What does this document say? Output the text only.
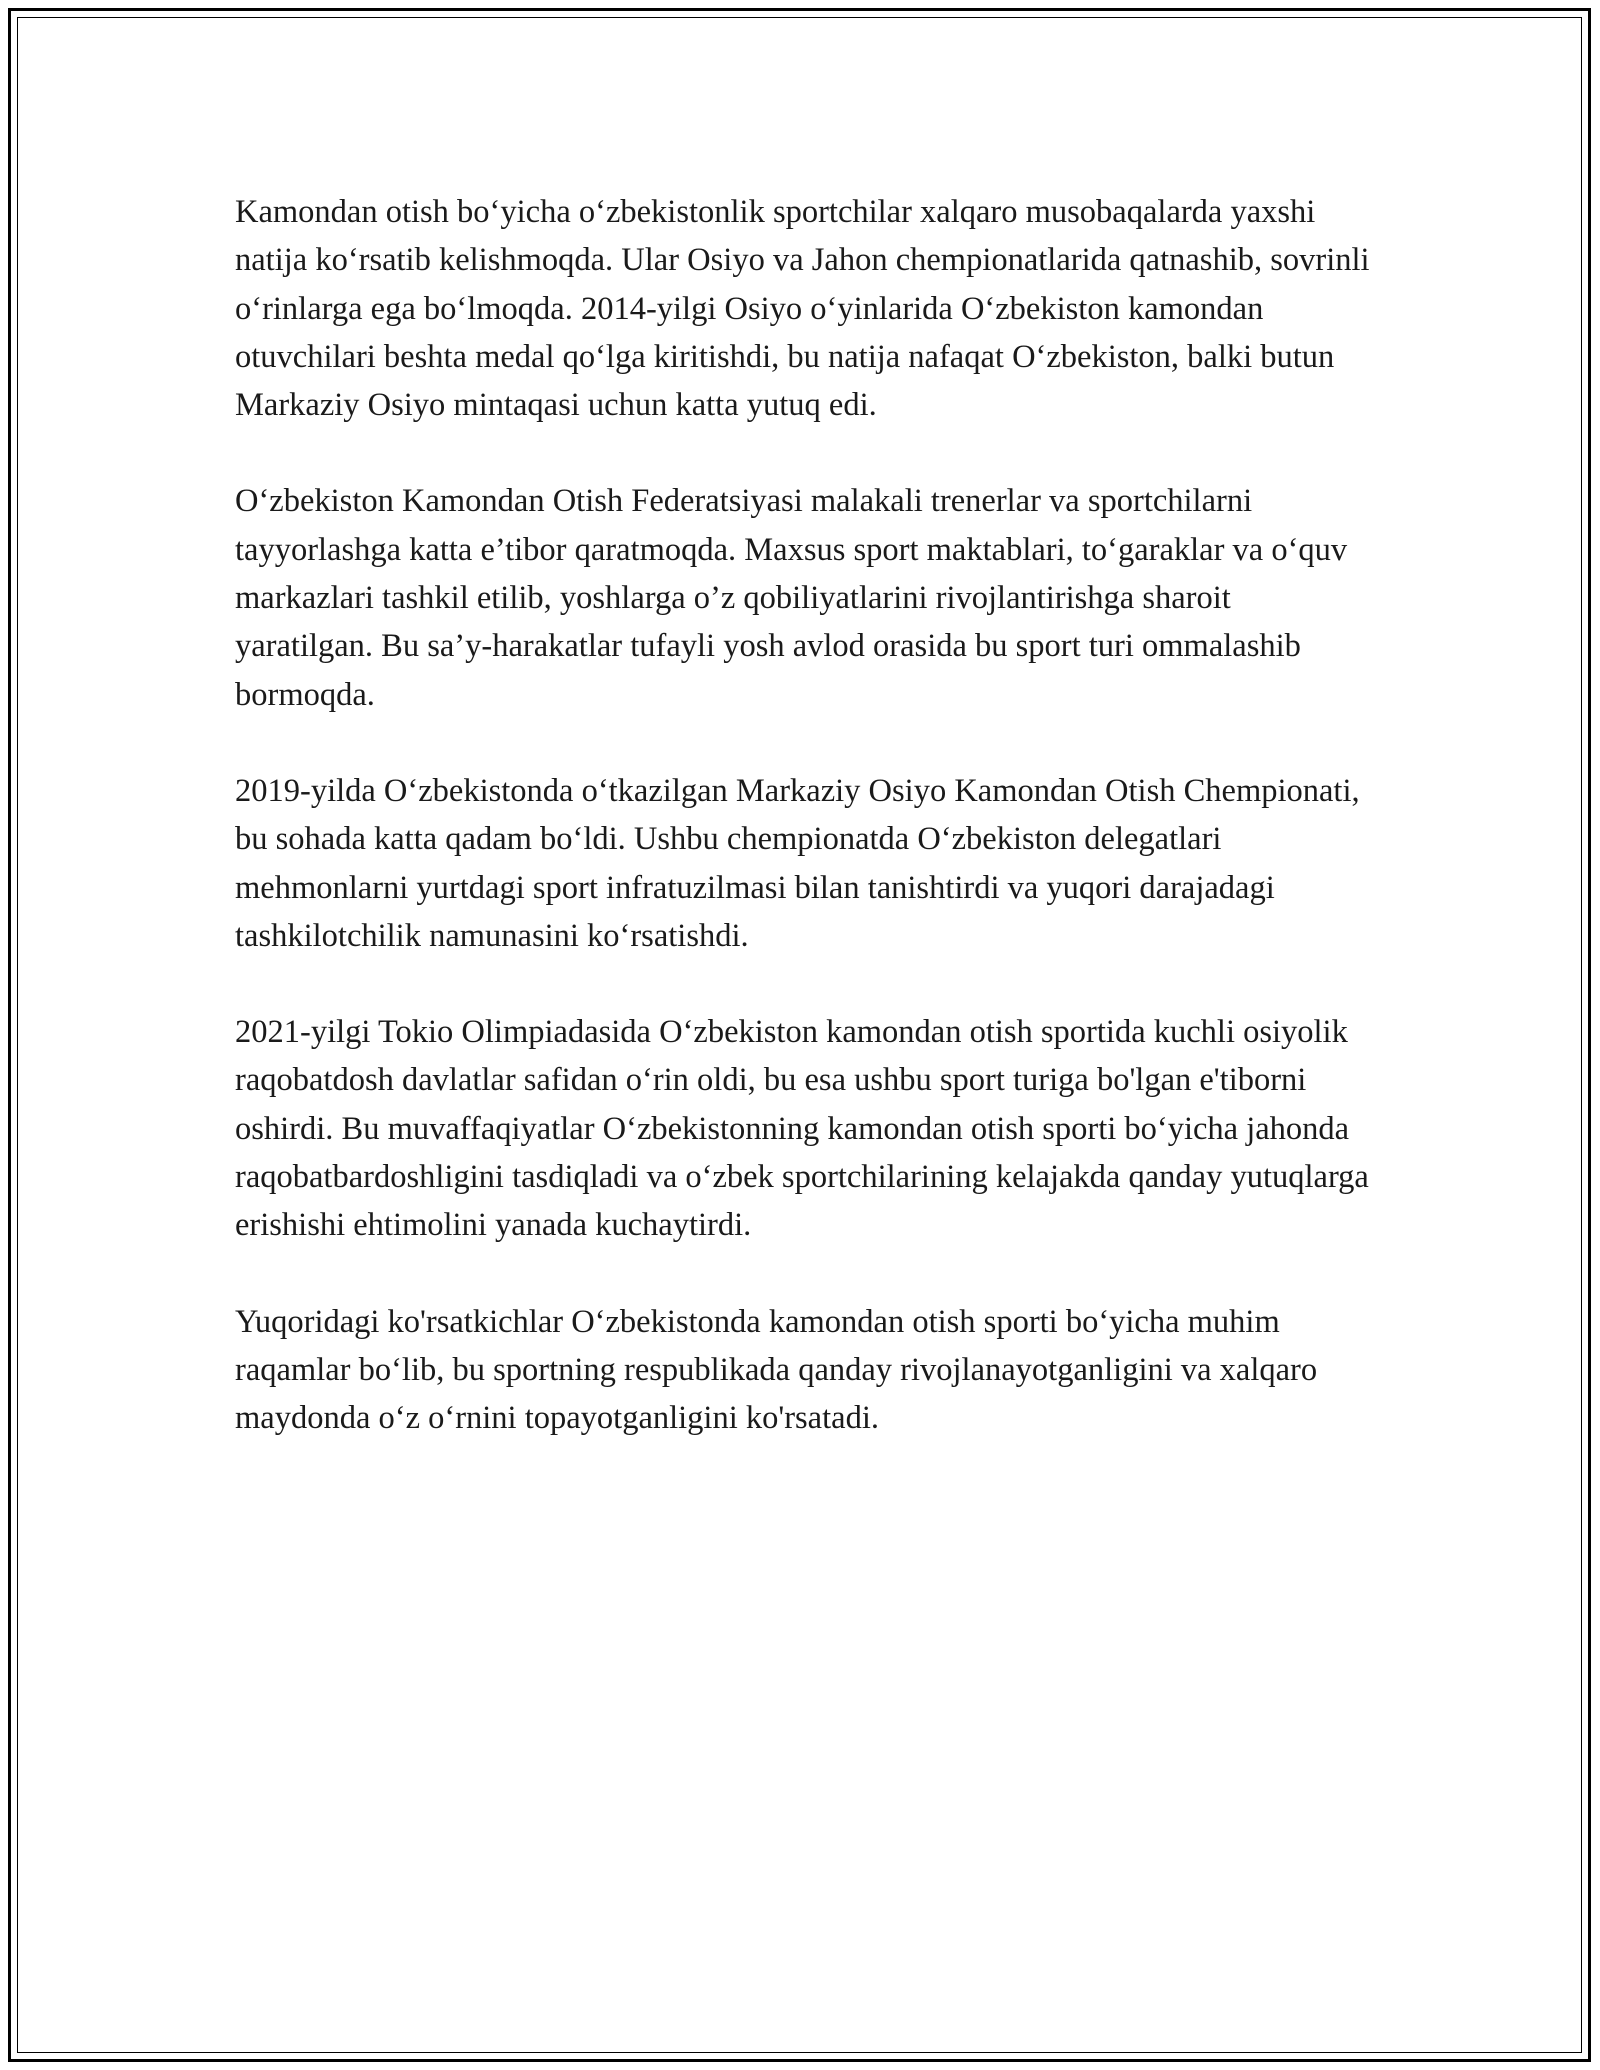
Kamondan otish bo‘yicha o‘zbekistonlik sportchilar xalqaro musobaqalarda yaxshi natija ko‘rsatib kelishmoqda. Ular Osiyo va Jahon chempionatlarida qatnashib, sovrinli o‘rinlarga ega bo‘lmoqda. 2014-yilgi Osiyo o‘yinlarida O‘zbekiston kamondan otuvchilari beshta medal qo‘lga kiritishdi, bu natija nafaqat O‘zbekiston, balki butun Markaziy Osiyo mintaqasi uchun katta yutuq edi.

O‘zbekiston Kamondan Otish Federatsiyasi malakali trenerlar va sportchilarni tayyorlashga katta e’tibor qaratmoqda. Maxsus sport maktablari, to‘garaklar va o‘quv markazlari tashkil etilib, yoshlarga o’z qobiliyatlarini rivojlantirishga sharoit yaratilgan. Bu sa’y-harakatlar tufayli yosh avlod orasida bu sport turi ommalashib bormoqda.

2019-yilda O‘zbekistonda o‘tkazilgan Markaziy Osiyo Kamondan Otish Chempionati, bu sohada katta qadam bo‘ldi. Ushbu chempionatda O‘zbekiston delegatlari mehmonlarni yurtdagi sport infratuzilmasi bilan tanishtirdi va yuqori darajadagi tashkilotchilik namunasini ko‘rsatishdi.

2021-yilgi Tokio Olimpiadasida O‘zbekiston kamondan otish sportida kuchli osiyolik raqobatdosh davlatlar safidan o‘rin oldi, bu esa ushbu sport turiga bo'lgan e'tiborni oshirdi. Bu muvaffaqiyatlar O‘zbekistonning kamondan otish sporti bo‘yicha jahonda raqobatbardoshligini tasdiqladi va o‘zbek sportchilarining kelajakda qanday yutuqlarga erishishi ehtimolini yanada kuchaytirdi.

Yuqoridagi ko'rsatkichlar O‘zbekistonda kamondan otish sporti bo‘yicha muhim raqamlar bo‘lib, bu sportning respublikada qanday rivojlanayotganligini va xalqaro maydonda o‘z o‘rnini topayotganligini ko'rsatadi.
